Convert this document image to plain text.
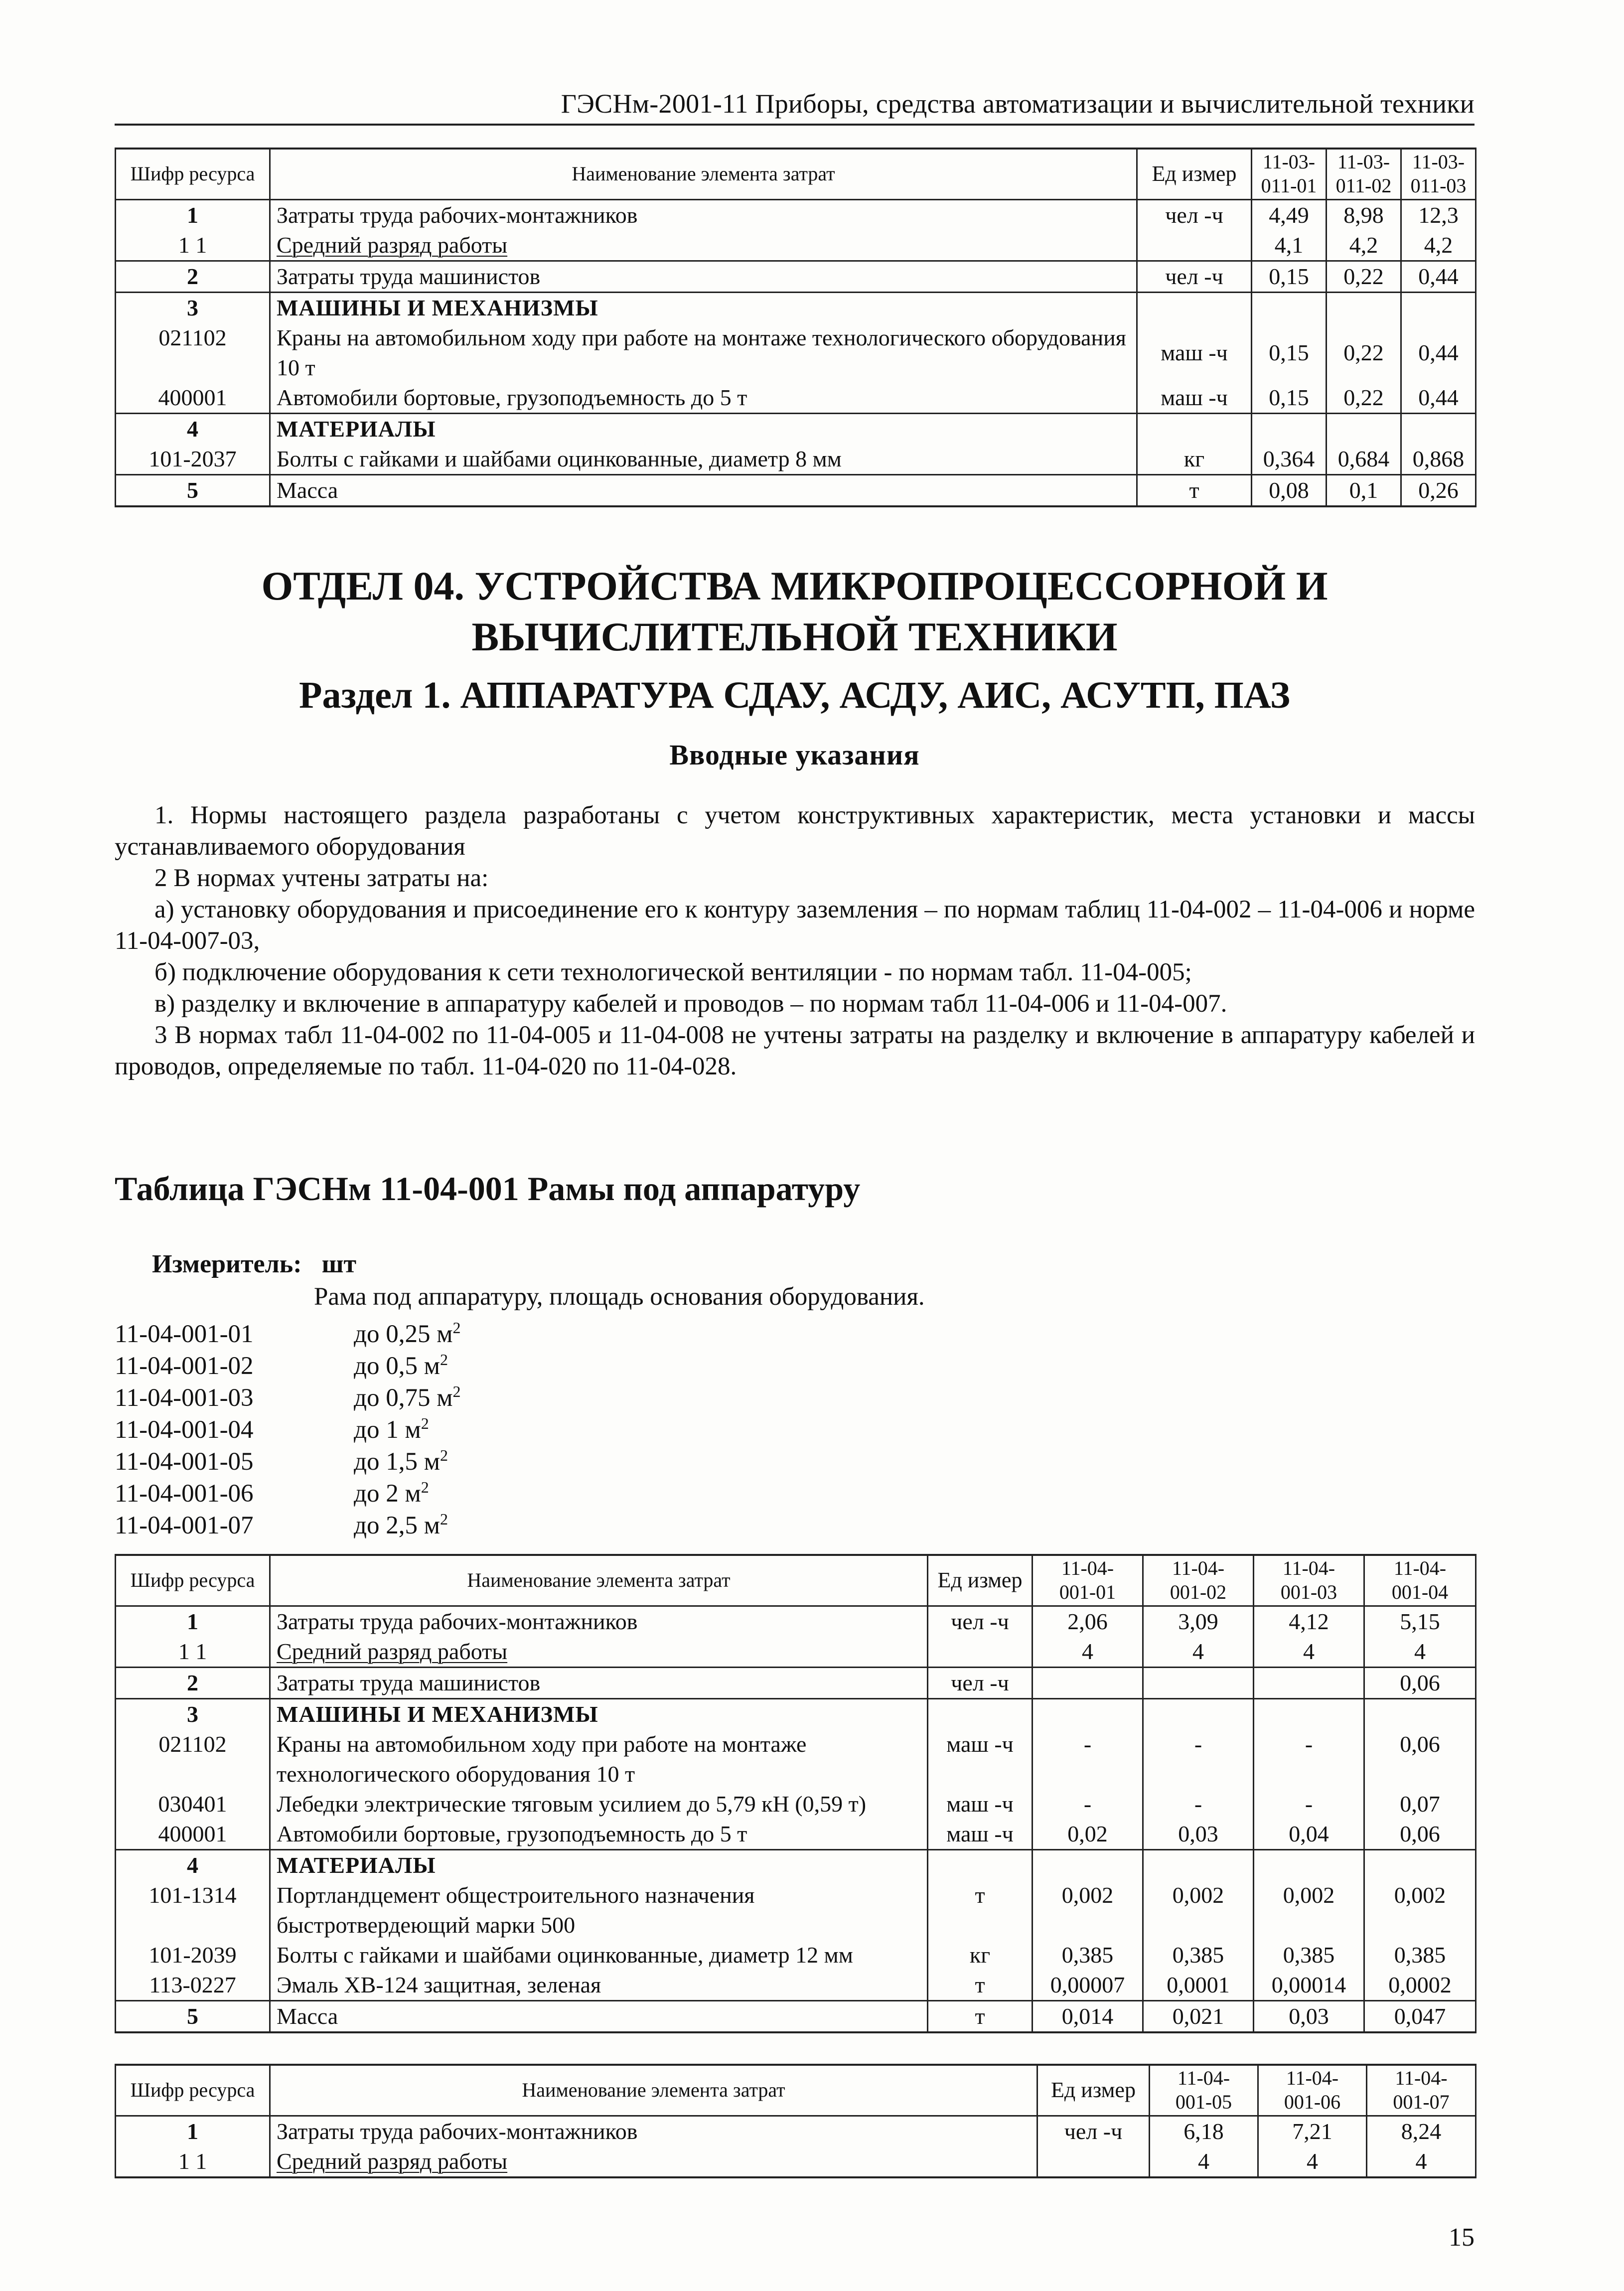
ГЭСНм-2001-11 Приборы, средства автоматизации и вычислительной техники
Шифр ресурса	Наименование элемента затрат	Ед измер	11-03-011-01	11-03-011-02	11-03-011-03
1	Затраты труда рабочих-монтажников	чел -ч	4,49	8,98	12,3
1 1	Средний разряд работы		4,1	4,2	4,2
2	Затраты труда машинистов	чел -ч	0,15	0,22	0,44
3	МАШИНЫ И МЕХАНИЗМЫ				
021102	Краны на автомобильном ходу при работе на монтаже технологического оборудования 10 т	маш -ч	0,15	0,22	0,44
400001	Автомобили бортовые, грузоподъемность до 5 т	маш -ч	0,15	0,22	0,44
4	МАТЕРИАЛЫ				
101-2037	Болты с гайками и шайбами оцинкованные, диаметр 8 мм	кг	0,364	0,684	0,868
5	Масса	т	0,08	0,1	0,26
ОТДЕЛ 04. УСТРОЙСТВА МИКРОПРОЦЕССОРНОЙ И ВЫЧИСЛИТЕЛЬНОЙ ТЕХНИКИ
Раздел 1. АППАРАТУРА СДАУ, АСДУ, АИС, АСУТП, ПАЗ
Вводные указания

1. Нормы настоящего раздела разработаны с учетом конструктивных характеристик, места установки и массы устанавливаемого оборудования

2 В нормах учтены затраты на:

а) установку оборудования и присоединение его к контуру заземления – по нормам таблиц 11-04-002 – 11-04-006 и норме 11-04-007-03,

б) подключение оборудования к сети технологической вентиляции - по нормам табл. 11-04-005;

в) разделку и включение в аппаратуру кабелей и проводов – по нормам табл 11-04-006 и 11-04-007.

3 В нормах табл 11-04-002 по 11-04-005 и 11-04-008 не учтены затраты на разделку и включение в аппаратуру кабелей и проводов, определяемые по табл. 11-04-020 по 11-04-028.

Таблица ГЭСНм 11-04-001 Рамы под аппаратуру
Измеритель: шт
Рама под аппаратуру, площадь основания оборудования.
11-04-001-01	до 0,25 $м^2$
11-04-001-02	до 0,5 $м^2$
11-04-001-03	до 0,75 $м^2$
11-04-001-04	до 1 $м^2$
11-04-001-05	до 1,5 $м^2$
11-04-001-06	до 2 $м^2$
11-04-001-07	до 2,5 $м^2$
Шифр ресурса	Наименование элемента затрат	Ед измер	11-04-001-01	11-04-001-02	11-04-001-03	11-04-001-04
1	Затраты труда рабочих-монтажников	чел -ч	2,06	3,09	4,12	5,15
1 1	Средний разряд работы		4	4	4	4
2	Затраты труда машинистов	чел -ч				0,06
3	МАШИНЫ И МЕХАНИЗМЫ					
021102	Краны на автомобильном ходу при работе на монтаже технологического оборудования 10 т	маш -ч	-	-	-	0,06
030401	Лебедки электрические тяговым усилием до 5,79 кН (0,59 т)	маш -ч	-	-	-	0,07
400001	Автомобили бортовые, грузоподъемность до 5 т	маш -ч	0,02	0,03	0,04	0,06
4	МАТЕРИАЛЫ					
101-1314	Портландцемент общестроительного назначения быстротвердеющий марки 500	т	0,002	0,002	0,002	0,002
101-2039	Болты с гайками и шайбами оцинкованные, диаметр 12 мм	кг	0,385	0,385	0,385	0,385
113-0227	Эмаль ХВ-124 защитная, зеленая	т	0,00007	0,0001	0,00014	0,0002
5	Масса	т	0,014	0,021	0,03	0,047
Шифр ресурса	Наименование элемента затрат	Ед измер	11-04-001-05	11-04-001-06	11-04-001-07
1	Затраты труда рабочих-монтажников	чел -ч	6,18	7,21	8,24
1 1	Средний разряд работы		4	4	4
15
